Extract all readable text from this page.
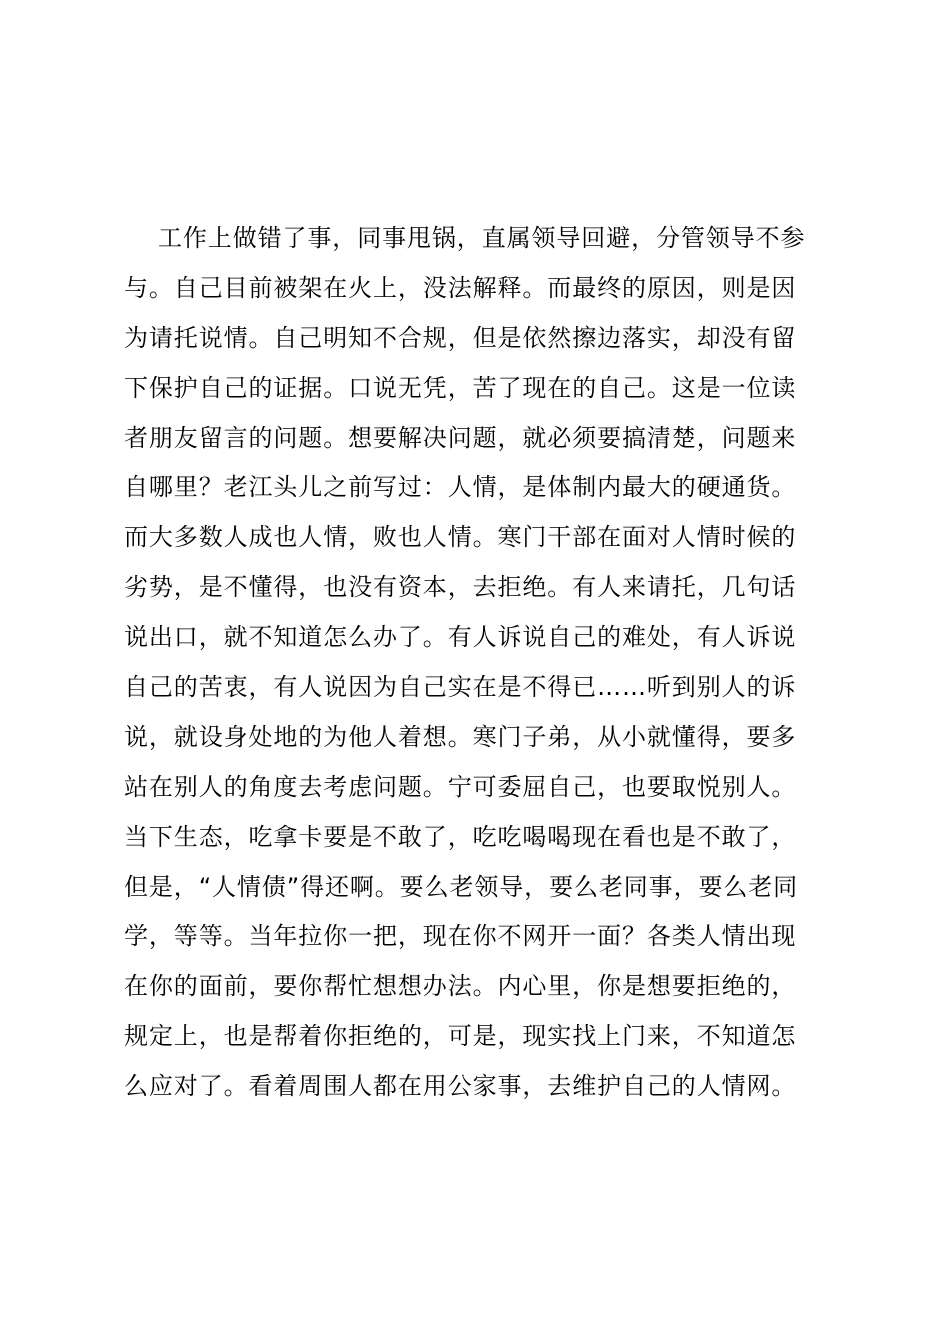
工作上做错了事，同事甩锅，直属领导回避，分管领导不参
与。自己目前被架在火上，没法解释。而最终的原因，则是因
为请托说情。自己明知不合规，但是依然擦边落实，却没有留
下保护自己的证据。口说无凭，苦了现在的自己。这是一位读
者朋友留言的问题。想要解决问题，就必须要搞清楚，问题来
自哪里？老江头儿之前写过：人情，是体制内最大的硬通货。
而大多数人成也人情，败也人情。寒门干部在面对人情时候的
劣势，是不懂得，也没有资本，去拒绝。有人来请托，几句话
说出口，就不知道怎么办了。有人诉说自己的难处，有人诉说
自己的苦衷，有人说因为自己实在是不得已……听到别人的诉
说，就设身处地的为他人着想。寒门子弟，从小就懂得，要多
站在别人的角度去考虑问题。宁可委屈自己，也要取悦别人。
当下生态，吃拿卡要是不敢了，吃吃喝喝现在看也是不敢了，
但是，“人情债”得还啊。要么老领导，要么老同事，要么老同
学，等等。当年拉你一把，现在你不网开一面？各类人情出现
在你的面前，要你帮忙想想办法。内心里，你是想要拒绝的，
规定上，也是帮着你拒绝的，可是，现实找上门来，不知道怎
么应对了。看着周围人都在用公家事，去维护自己的人情网。
